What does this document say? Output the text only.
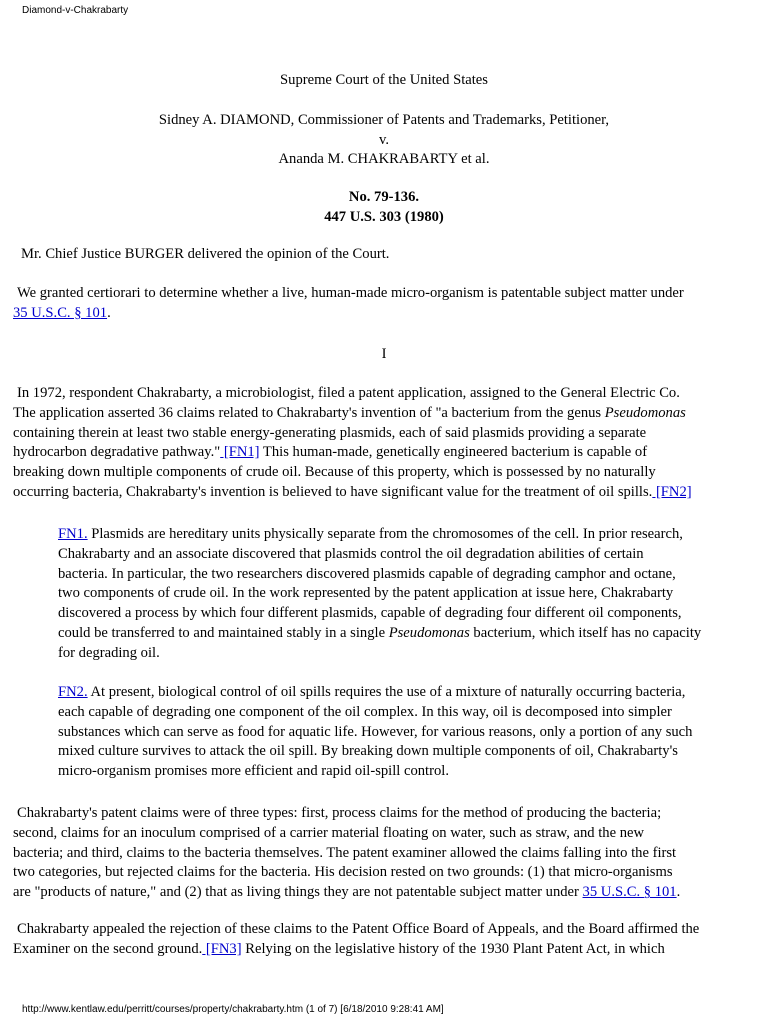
Diamond-v-Chakrabarty
Supreme Court of the United States
Sidney A. DIAMOND, Commissioner of Patents and Trademarks, Petitioner,
v.
Ananda M. CHAKRABARTY et al.
No. 79-136.
447 U.S. 303 (1980)
Mr. Chief Justice BURGER delivered the opinion of the Court.
We granted certiorari to determine whether a live, human-made micro-organism is patentable subject matter under
35 U.S.C. § 101.
I
In 1972, respondent Chakrabarty, a microbiologist, filed a patent application, assigned to the General Electric Co.
The application asserted 36 claims related to Chakrabarty's invention of "a bacterium from the genus Pseudomonas
containing therein at least two stable energy-generating plasmids, each of said plasmids providing a separate
hydrocarbon degradative pathway." [FN1] This human-made, genetically engineered bacterium is capable of
breaking down multiple components of crude oil. Because of this property, which is possessed by no naturally
occurring bacteria, Chakrabarty's invention is believed to have significant value for the treatment of oil spills. [FN2]
FN1. Plasmids are hereditary units physically separate from the chromosomes of the cell. In prior research,
Chakrabarty and an associate discovered that plasmids control the oil degradation abilities of certain
bacteria. In particular, the two researchers discovered plasmids capable of degrading camphor and octane,
two components of crude oil. In the work represented by the patent application at issue here, Chakrabarty
discovered a process by which four different plasmids, capable of degrading four different oil components,
could be transferred to and maintained stably in a single Pseudomonas bacterium, which itself has no capacity
for degrading oil.
FN2. At present, biological control of oil spills requires the use of a mixture of naturally occurring bacteria,
each capable of degrading one component of the oil complex. In this way, oil is decomposed into simpler
substances which can serve as food for aquatic life. However, for various reasons, only a portion of any such
mixed culture survives to attack the oil spill. By breaking down multiple components of oil, Chakrabarty's
micro-organism promises more efficient and rapid oil-spill control.
Chakrabarty's patent claims were of three types: first, process claims for the method of producing the bacteria;
second, claims for an inoculum comprised of a carrier material floating on water, such as straw, and the new
bacteria; and third, claims to the bacteria themselves. The patent examiner allowed the claims falling into the first
two categories, but rejected claims for the bacteria. His decision rested on two grounds: (1) that micro-organisms
are "products of nature," and (2) that as living things they are not patentable subject matter under 35 U.S.C. § 101.
Chakrabarty appealed the rejection of these claims to the Patent Office Board of Appeals, and the Board affirmed the
Examiner on the second ground. [FN3] Relying on the legislative history of the 1930 Plant Patent Act, in which
http://www.kentlaw.edu/perritt/courses/property/chakrabarty.htm (1 of 7) [6/18/2010 9:28:41 AM]
